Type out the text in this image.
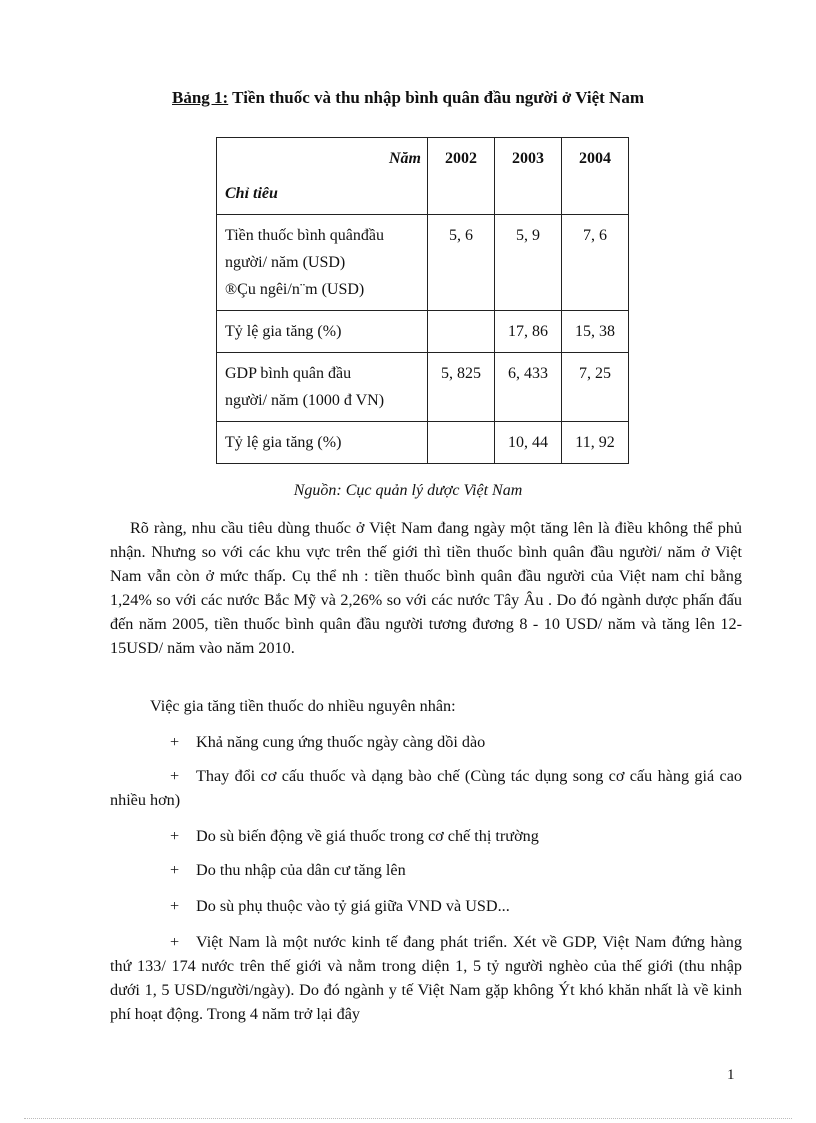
Bảng 1: Tiền thuốc và thu nhập bình quân đầu người ở Việt Nam
Năm
Chỉ tiêu	2002	2003	2004

Tiền thuốc bình quânđầu
người/ năm (USD)
®Çu ngêi/n¨m (USD)	5, 6	5, 9	7, 6

Tỷ lệ gia tăng (%)		17, 86	15, 38

GDP bình quân đầu
người/ năm (1000 đ VN)	5, 825	6, 433	7, 25

Tỷ lệ gia tăng (%)		10, 44	11, 92
Nguồn: Cục quản lý dược Việt Nam

Rõ ràng, nhu cầu tiêu dùng thuốc ở Việt Nam đang ngày một tăng lên là điều không thể phủ nhận. Nhưng so với các khu vực trên thế giới thì tiền thuốc bình quân đầu người/ năm ở Việt Nam vẫn còn ở mức thấp. Cụ thể nh : tiền thuốc bình quân đầu người của Việt nam chỉ bằng 1,24% so với các nước Bắc Mỹ và 2,26% so với các nước Tây Âu . Do đó ngành dược phấn đấu đến năm 2005, tiền thuốc bình quân đầu người tương đương 8 - 10 USD/ năm và tăng lên 12-15USD/ năm vào năm 2010.

Việc gia tăng tiền thuốc do nhiều nguyên nhân:

+ Khả năng cung ứng thuốc ngày càng dồi dào

+ Thay đổi cơ cấu thuốc và dạng bào chế (Cùng tác dụng song cơ cấu hàng giá cao nhiều hơn)

+ Do sù biến động về giá thuốc trong cơ chế thị trường

+ Do thu nhập của dân cư tăng lên

+ Do sù phụ thuộc vào tỷ giá giữa VND và USD...

+ Việt Nam là một nước kinh tế đang phát triển. Xét về GDP, Việt Nam đứng hàng thứ 133/ 174 nước trên thế giới và nằm trong diện 1, 5 tỷ người nghèo của thế giới (thu nhập dưới 1, 5 USD/người/ngày). Do đó ngành y tế Việt Nam gặp không Ýt khó khăn nhất là về kinh phí hoạt động. Trong 4 năm trở lại đây

1
